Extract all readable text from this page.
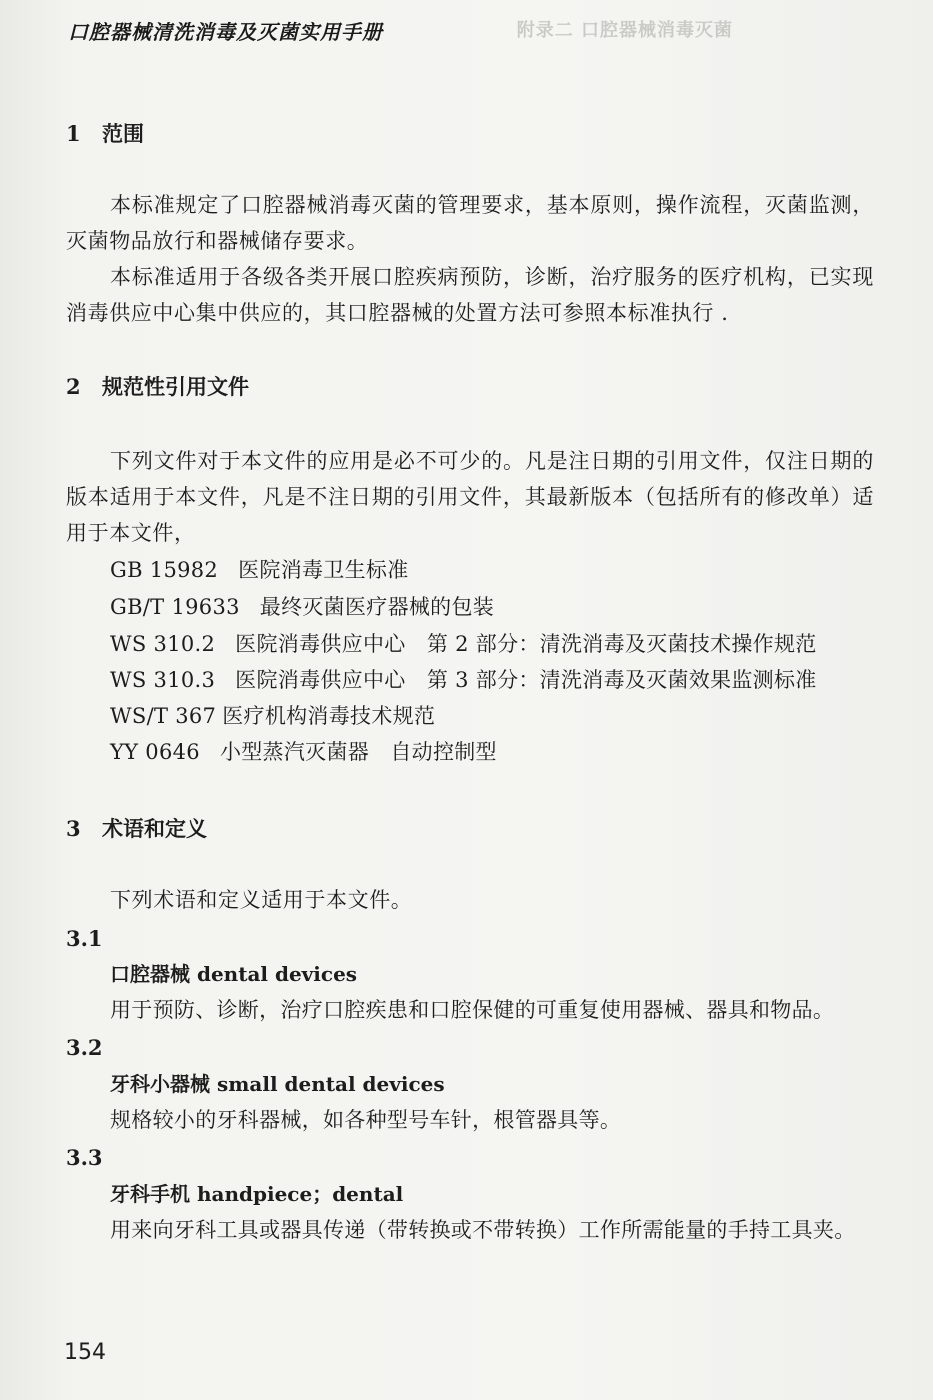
口腔器械清洗消毒及灭菌实用手册	附录二 口腔器械消毒灭菌
1 范围
本标准规定了口腔器械消毒灭菌的管理要求，基本原则，操作流程，灭菌监测，灭菌物品放行和器械储存要求。
本标准适用于各级各类开展口腔疾病预防，诊断，治疗服务的医疗机构，已实现消毒供应中心集中供应的，其口腔器械的处置方法可参照本标准执行 .
2 规范性引用文件
下列文件对于本文件的应用是必不可少的。凡是注日期的引用文件，仅注日期的版本适用于本文件，凡是不注日期的引用文件，其最新版本（包括所有的修改单）适用于本文件，
GB 15982 医院消毒卫生标准
GB/T 19633 最终灭菌医疗器械的包装
WS 310.2 医院消毒供应中心　第 2 部分：清洗消毒及灭菌技术操作规范
WS 310.3 医院消毒供应中心　第 3 部分：清洗消毒及灭菌效果监测标准
WS/T 367 医疗机构消毒技术规范
YY 0646 小型蒸汽灭菌器　自动控制型
3 术语和定义
下列术语和定义适用于本文件。
3.1
口腔器械 dental devices
用于预防、诊断，治疗口腔疾患和口腔保健的可重复使用器械、器具和物品。
3.2
牙科小器械 small dental devices
规格较小的牙科器械，如各种型号车针，根管器具等。
3.3
牙科手机 handpiece；dental
用来向牙科工具或器具传递（带转换或不带转换）工作所需能量的手持工具夹。
154
